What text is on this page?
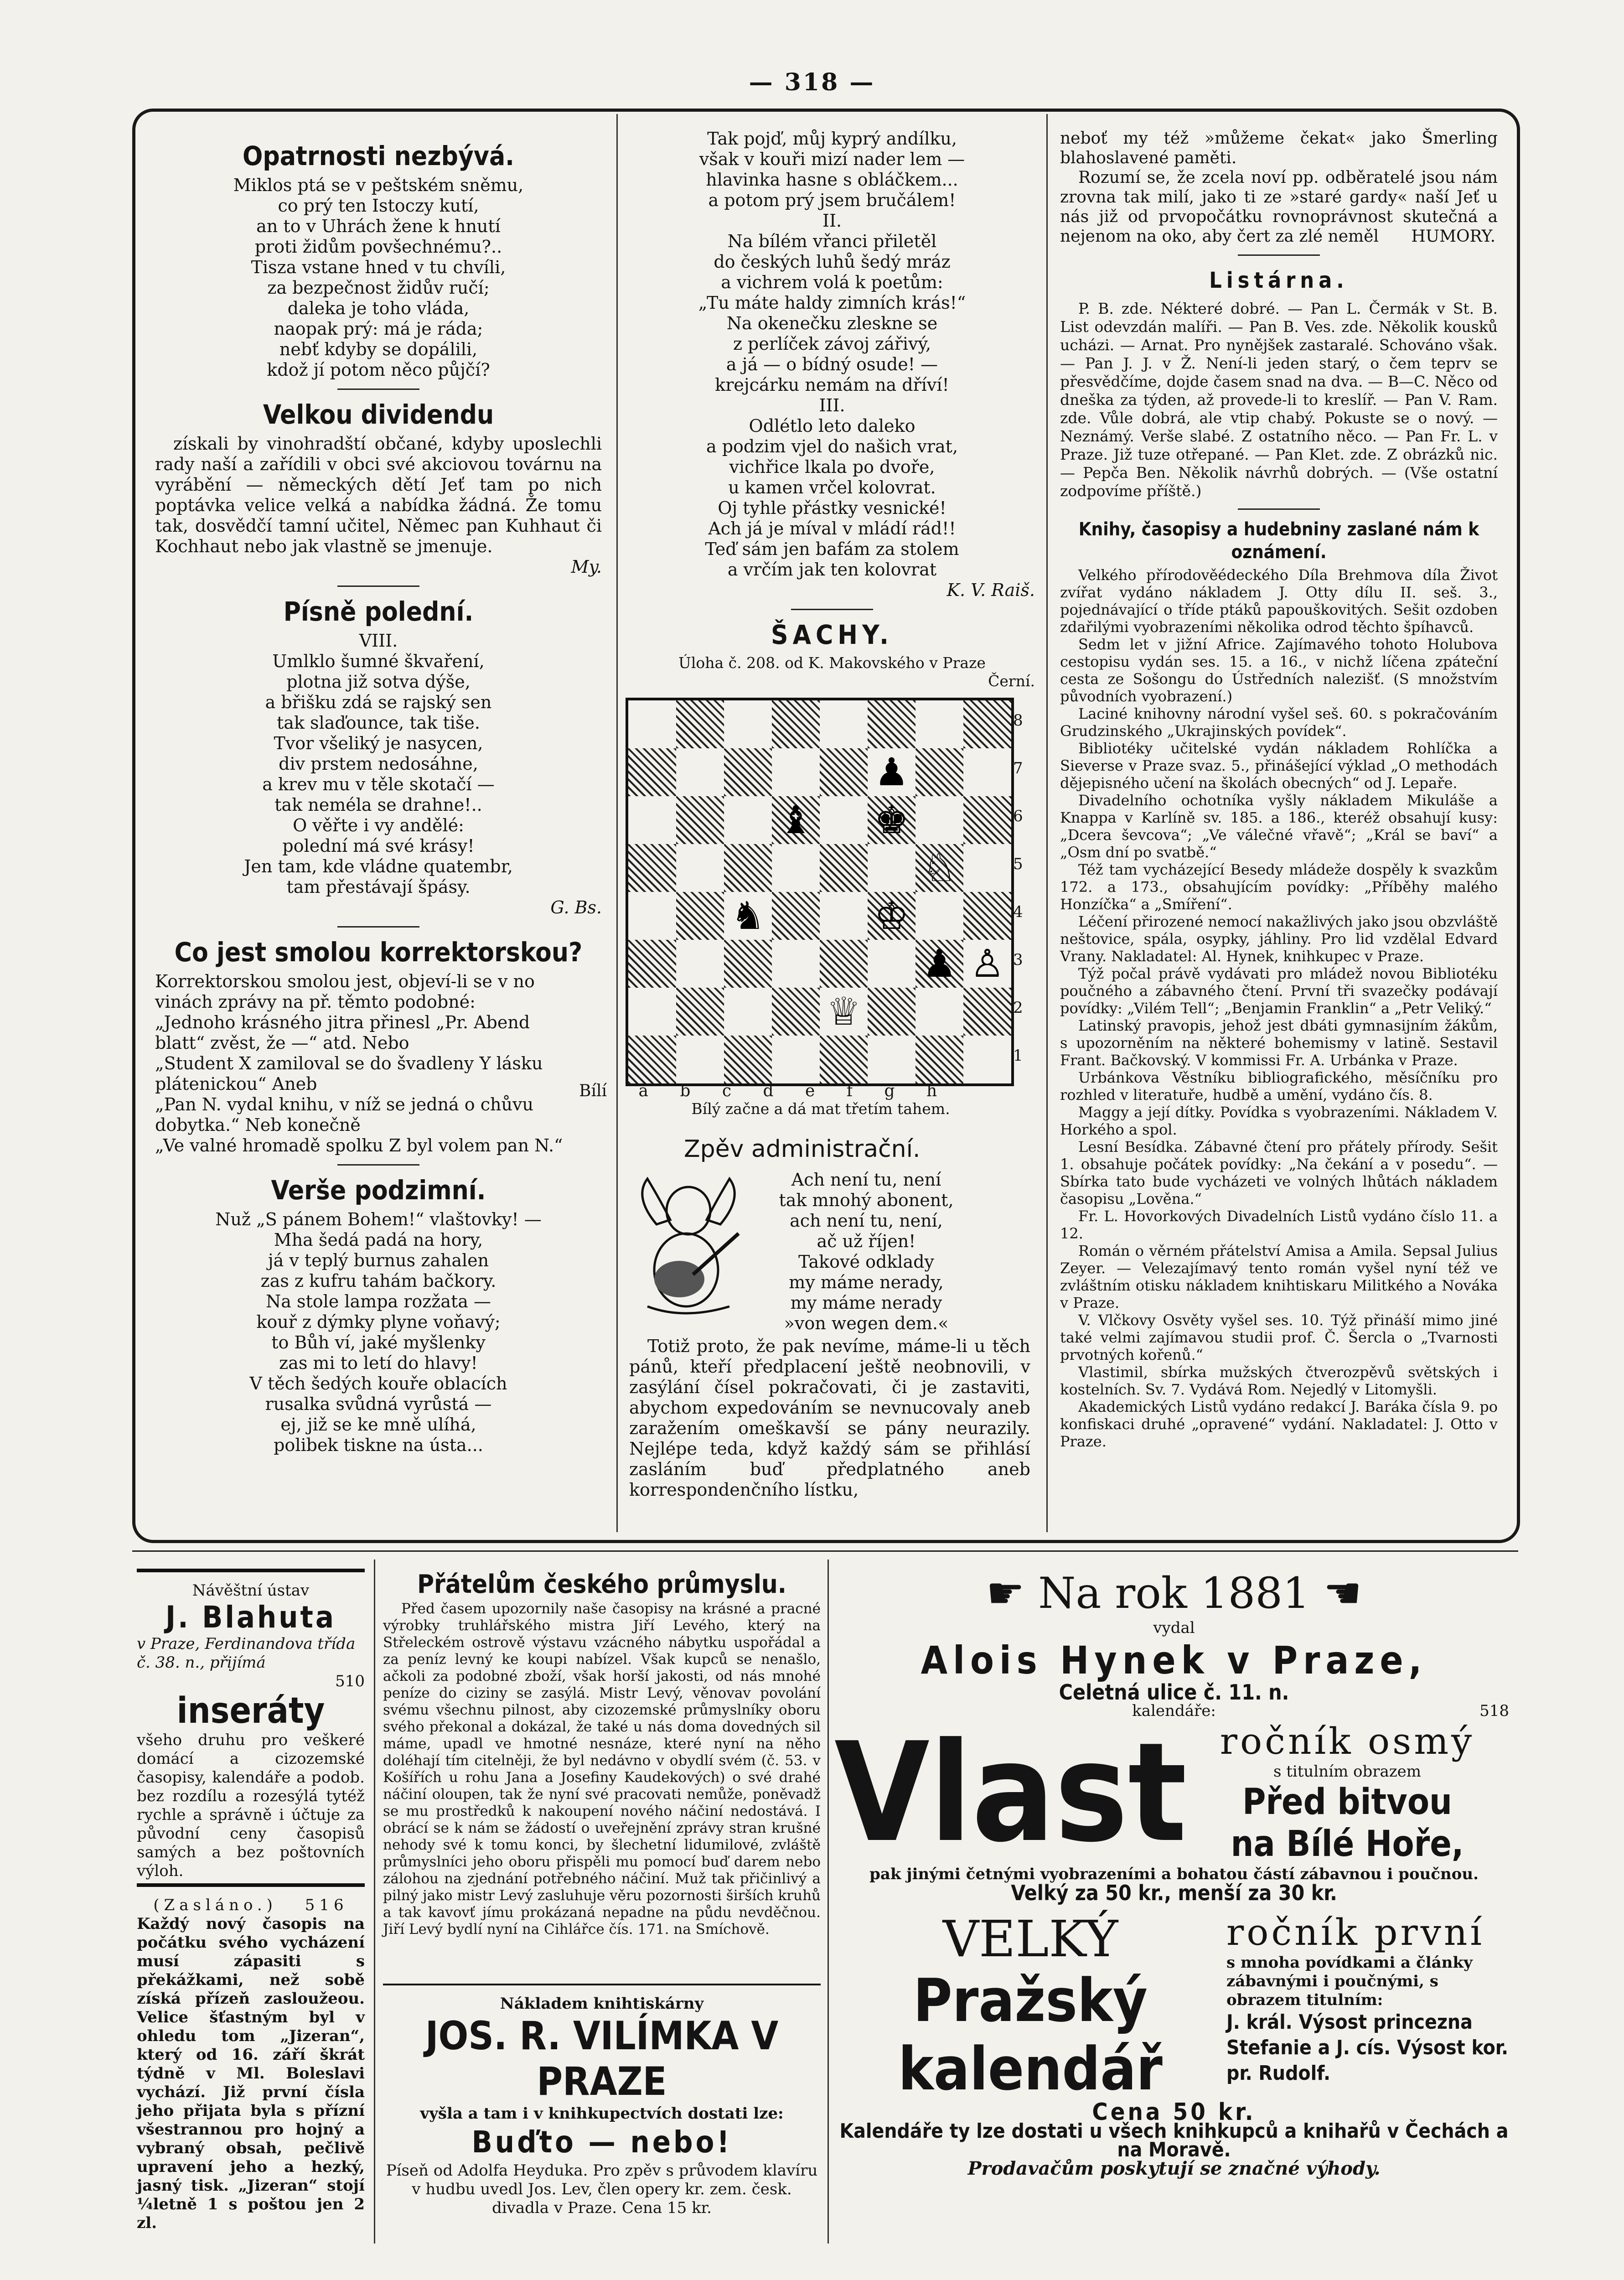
— 318 —
Opatrnosti nezbývá.
Miklos ptá se v peštském sněmu,
co prý ten Istoczy kutí,
an to v Uhrách žene k hnutí
proti židům povšechnému?..
Tisza vstane hned v tu chvíli,
za bezpečnost židův ručí;
daleka je toho vláda,
naopak prý: má je ráda;
nebť kdyby se dopálili,
kdož jí potom něco půjčí?
Velkou dividendu

získali by vinohradští občané, kdyby uposlechli rady naší a zařídili v obci své akciovou továrnu na vyrábění — německých dětí Jeť tam po nich poptávka velice velká a nabídka žádná. Že tomu tak, dosvědčí tamní učitel, Němec pan Kuhhaut či Kochhaut nebo jak vlastně se jmenuje.

My.

Písně polední.
VIII.
Umlklo šumné škvaření,
plotna již sotva dýše,
a břišku zdá se rajský sen
tak slaďounce, tak tiše.
Tvor všeliký je nasycen,
div prstem nedosáhne,
a krev mu v těle skotačí —
tak neméla se drahne!..
O věřte i vy andělé:
polední má své krásy!
Jen tam, kde vládne quatembr,
tam přestávají špásy.

G. Bs.

Co jest smolou korrektorskou?
Korrektorskou smolou jest, objeví-li se v no
vinách zprávy na př. těmto podobné:
„Jednoho krásného jitra přinesl „Pr. Abend
blatt“ zvěst, že —“ atd. Nebo
„Student X zamiloval se do švadleny Y lásku
plátenickou“ Aneb
„Pan N. vydal knihu, v níž se jedná o chůvu
dobytka.“ Neb konečně
„Ve valné hromadě spolku Z byl volem pan N.“
Verše podzimní.
Nuž „S pánem Bohem!“ vlaštovky! —
Mha šedá padá na hory,
já v teplý burnus zahalen
zas z kufru tahám bačkory.
Na stole lampa rozžata —
kouř z dýmky plyne voňavý;
to Bůh ví, jaké myšlenky
zas mi to letí do hlavy!
V těch šedých kouře oblacích
rusalka svůdná vyrůstá —
ej, již se ke mně ulíhá,
polibek tiskne na ústa...
Tak pojď, můj kyprý andílku,
však v kouři mizí nader lem —
hlavinka hasne s obláčkem...
a potom prý jsem bručálem!
II.
Na bílém vřanci přiletěl
do českých luhů šedý mráz
a vichrem volá k poetům:
„Tu máte haldy zimních krás!“
Na okenečku zleskne se
z perlíček závoj zářivý,
a já — o bídný osude! —
krejcárku nemám na dříví!
III.
Odlétlo leto daleko
a podzim vjel do našich vrat,
vichřice lkala po dvoře,
u kamen vrčel kolovrat.
Oj tyhle přástky vesnické!
Ach já je míval v mládí rád!!
Teď sám jen bafám za stolem
a vrčím jak ten kolovrat

K. V. Raiš.

ŠACHY.

Úloha č. 208. od K. Makovského v Praze

Černí.

♝ ♚
♟
♘
♞	♔
♟ ♙
♕
8
7
6
5
4
3
2
1
Bílí a b c d e f g h
Bílý začne a dá mat třetím tahem.
Zpěv administrační.
Ach není tu, není
tak mnohý abonent,
ach není tu, není,
ač už říjen!
Takové odklady
my máme nerady,
my máme nerady
»von wegen dem.«
Totiž proto, že pak nevíme, máme-li u těch pánů, kteří předplacení ještě neobnovili, v zasýlání čísel pokračovati, či je zastaviti, abychom expedováním se nevnucovaly aneb zaražením omeškavší se pány neurazily. Nejlépe teda, když každý sám se přihlásí zasláním buď předplatného aneb korrespondenčního lístku,

neboť my též »můžeme čekat« jako Šmerling blahoslavené paměti.

Rozumí se, že zcela noví pp. odběratelé jsou nám zrovna tak milí, jako ti ze »staré gardy« naší Jeť u nás již od prvopočátku rovnoprávnost skutečná a nejenom na oko, aby čert za zlé neměl HUMORY.

Listárna.

P. B. zde. Nékteré dobré. — Pan L. Čermák v St. B. List odevzdán malíři. — Pan B. Ves. zde. Několik kousků ucházi. — Arnat. Pro nynějšek zastaralé. Schováno však. — Pan J. J. v Ž. Není-li jeden starý, o čem teprv se přesvědčíme, dojde časem snad na dva. — B—C. Něco od dneška za týden, až provede-li to kreslíř. — Pan V. Ram. zde. Vůle dobrá, ale vtip chabý. Pokuste se o nový. — Neznámý. Verše slabé. Z ostatního něco. — Pan Fr. L. v Praze. Již tuze otřepané. — Pan Klet. zde. Z obrázků nic. — Pepča Ben. Několik návrhů dobrých. — (Vše ostatní zodpovíme příště.)

Knihy, časopisy a hudebniny zaslané nám k oznámení.

Velkého přírodověédeckého Díla Brehmova díla Život zvířat vydáno nákladem J. Otty dílu II. seš. 3., pojednávající o tříde ptáků papouškovitých. Sešit ozdoben zdařilými vyobrazeními několika odrod těchto špíhavců.

Sedm let v jižní Africe. Zajímavého tohoto Holubova cestopisu vydán ses. 15. a 16., v nichž líčena zpáteční cesta ze Sošongu do Ústředních nalezišť. (S množstvím původních vyobrazení.)

Laciné knihovny národní vyšel seš. 60. s pokračováním Grudzinského „Ukrajinských povídek“.

Bibliotéky učitelské vydán nákladem Rohlíčka a Sieversе v Praze svaz. 5., přinášející výklad „O methodách dějepisného učení na školách obecných“ od J. Lepaře.

Divadelního ochotníka vyšly nákladem Mikuláše a Knappa v Karlíně sv. 185. a 186., kteréž obsahují kusy: „Dcera ševcova“; „Ve válečné vřavě“; „Král se baví“ a „Osm dní po svatbě.“

Též tam vycházející Besedy mládeže dospěly k svazkům 172. a 173., obsahujícím povídky: „Příběhy malého Honzíčka“ a „Smíření“.

Léčení přirozené nemocí nakažlivých jako jsou obzvláště neštovice, spála, osypky, jáhliny. Pro lid vzdělal Edvard Vrany. Nakladatel: Al. Hynek, knihkupec v Praze.

Týž počal právě vydávati pro mládež novou Bibliotéku poučného a zábavného čtení. První tři svazečky podávají povídky: „Vilém Tell“; „Benjamin Franklin“ a „Petr Veliký.“

Latinský pravopis, jehož jest dbáti gymnasijním žákům, s upozorněním na některé bohemismy v latině. Sestavil Frant. Bačkovský. V kommissi Fr. A. Urbánka v Praze.

Urbánkova Věstníku bibliografického, měsíčníku pro rozhled v literatuře, hudbě a umění, vydáno čís. 8.

Maggy a její dítky. Povídka s vyobrazeními. Nákladem V. Horkého a spol.

Lesní Besídka. Zábavné čtení pro přátely přírody. Sešit 1. obsahuje počátek povídky: „Na čekání a v posedu“. — Sbírka tato bude vycházeti ve volných lhůtách nákladem časopisu „Lověna.“

Fr. L. Hovorkových Divadelních Listů vydáno číslo 11. a 12.

Román o věrném přátelství Amisa a Amila. Sepsal Julius Zeyer. — Velezajímavý tento román vyšel nyní též ve zvláštním otisku nákladem knihtiskaru Militkého a Nováka v Praze.

V. Vlčkovy Osvěty vyšel ses. 10. Týž přináší mimo jiné také velmi zajímavou studii prof. Č. Šercla o „Tvarnosti prvotných kořenů.“

Vlastimil, sbírka mužských čtverozpěvů světských i kostelních. Sv. 7. Vydává Rom. Nejedlý v Litomyšli.

Akademických Listů vydáno redakcí J. Baráka čísla 9. po konfiskaci druhé „opravené“ vydání. Nakladatel: J. Otto v Praze.

Návěštní ústav
J. Blahuta
v Praze, Ferdinandova třída č. 38. n., přijímá
510
inseráty
všeho druhu pro veškeré domácí a cizozemské časopisy, kalendáře a podob. bez rozdílu a rozesýlá tytéž rychle a správně i účtuje za původní ceny časopisů samých a bez poštovních výloh.
(Zasláno.) 516
Každý nový časopis na počátku svého vycházení musí zápasiti s překážkami, než sobě získá přízeň zasloužeou. Velice šťastným byl v ohledu tom „Jizeran“, který od 16. září škrát týdně v Ml. Boleslavi vychází. Již první čísla jeho přijata byla s přízní všestrannou pro hojný a vybraný obsah, pečlivě upravení jeho a hezký, jasný tisk. „Jizeran“ stojí ¼letně 1 s poštou jen 2 zl.
Přátelům českého průmyslu.
Před časem upozornily naše časopisy na krásné a pracné výrobky truhlářského mistra Jiří Levého, který na Střeleckém ostrově výstavu vzácného nábytku uspořádal a za peníz levný ke koupi nabízel. Však kupců se nenašlo, ačkoli za podobné zboží, však horší jakosti, od nás mnohé peníze do ciziny se zasýlá. Mistr Levý, věnovav povolání svému všechnu pilnost, aby cizozemské průmyslníky oboru svého překonal a dokázal, že také u nás doma dovedných sil máme, upadl ve hmotné nesnáze, které nyní na něho doléhají tím citelněji, že byl nedávno v obydlí svém (č. 53. v Košířích u rohu Jana a Josefiny Kaudekových) o své drahé náčiní oloupen, tak že nyní své pracovati nemůže, poněvadž se mu prostředků k nakoupení nového náčiní nedostává. I obrácí se k nám se žádostí o uveřejnění zprávy stran krušné nehody své k tomu konci, by šlechetní lidumilové, zvláště průmyslníci jeho oboru přispěli mu pomocí buď darem nebo zálohou na zjednání potřebného náčiní. Muž tak přičinlivý a pilný jako mistr Levý zasluhuje věru pozornosti širších kruhů a tak kavovť jímu prokázaná nepadne na půdu nevděčnou. Jiří Levý bydlí nyní na Cihlářce čís. 171. na Smíchově.
Nákladem knihtiskárny
JOS. R. VILÍMKA V PRAZE
vyšla a tam i v knihkupectvích dostati lze:
Buďto — nebo!
Píseň od Adolfa Heyduka. Pro zpěv s průvodem klavíru v hudbu uvedl Jos. Lev, člen opery kr. zem. česk. divadla v Praze. Cena 15 kr.
☛ Na rok 1881 ☚
vydal
Alois Hynek v Praze,
Celetná ulice č. 11. n.
kalendáře:	518
Vlast ročník osmý
s titulním obrazem
Před bitvou
na Bílé Hoře,
pak jinými četnými vyobrazeními a bohatou částí zábavnou i poučnou.
Velký za 50 kr., menší za 30 kr.
VELKÝ
Pražský kalendář
ročník první
s mnoha povídkami a články zábavnými i poučnými, s obrazem titulním:
J. král. Výsost princezna Stefanie a J. cís. Výsost kor. pr. Rudolf.
Cena 50 kr.
Kalendáře ty lze dostati u všech knihkupců a knihařů v Čechách a na Moravě.
Prodavačům poskytují se značné výhody.
